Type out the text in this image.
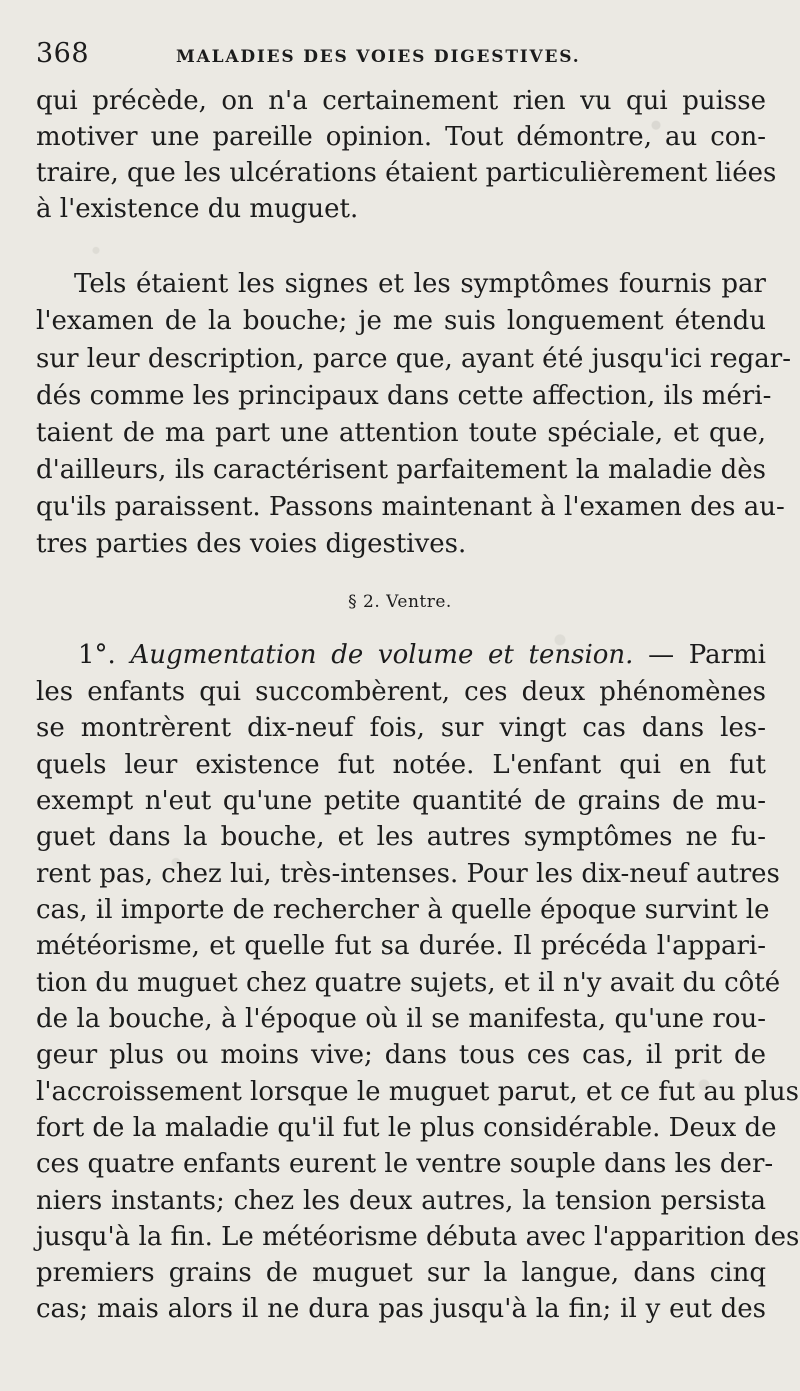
368	MALADIES DES VOIES DIGESTIVES.
qui précède, on n'a certainement rien vu qui puisse
motiver une pareille opinion. Tout démontre, au con-
traire, que les ulcérations étaient particulièrement liées
à l'existence du muguet.
Tels étaient les signes et les symptômes fournis par
l'examen de la bouche; je me suis longuement étendu
sur leur description, parce que, ayant été jusqu'ici regar-
dés comme les principaux dans cette affection, ils méri-
taient de ma part une attention toute spéciale, et que,
d'ailleurs, ils caractérisent parfaitement la maladie dès
qu'ils paraissent. Passons maintenant à l'examen des au-
tres parties des voies digestives.
§ 2. Ventre.
1°. Augmentation de volume et tension. — Parmi
les enfants qui succombèrent, ces deux phénomènes
se montrèrent dix-neuf fois, sur vingt cas dans les-
quels leur existence fut notée. L'enfant qui en fut
exempt n'eut qu'une petite quantité de grains de mu-
guet dans la bouche, et les autres symptômes ne fu-
rent pas, chez lui, très-intenses. Pour les dix-neuf autres
cas, il importe de rechercher à quelle époque survint le
météorisme, et quelle fut sa durée. Il précéda l'appari-
tion du muguet chez quatre sujets, et il n'y avait du côté
de la bouche, à l'époque où il se manifesta, qu'une rou-
geur plus ou moins vive; dans tous ces cas, il prit de
l'accroissement lorsque le muguet parut, et ce fut au plus
fort de la maladie qu'il fut le plus considérable. Deux de
ces quatre enfants eurent le ventre souple dans les der-
niers instants; chez les deux autres, la tension persista
jusqu'à la fin. Le météorisme débuta avec l'apparition des
premiers grains de muguet sur la langue, dans cinq
cas; mais alors il ne dura pas jusqu'à la fin; il y eut des
